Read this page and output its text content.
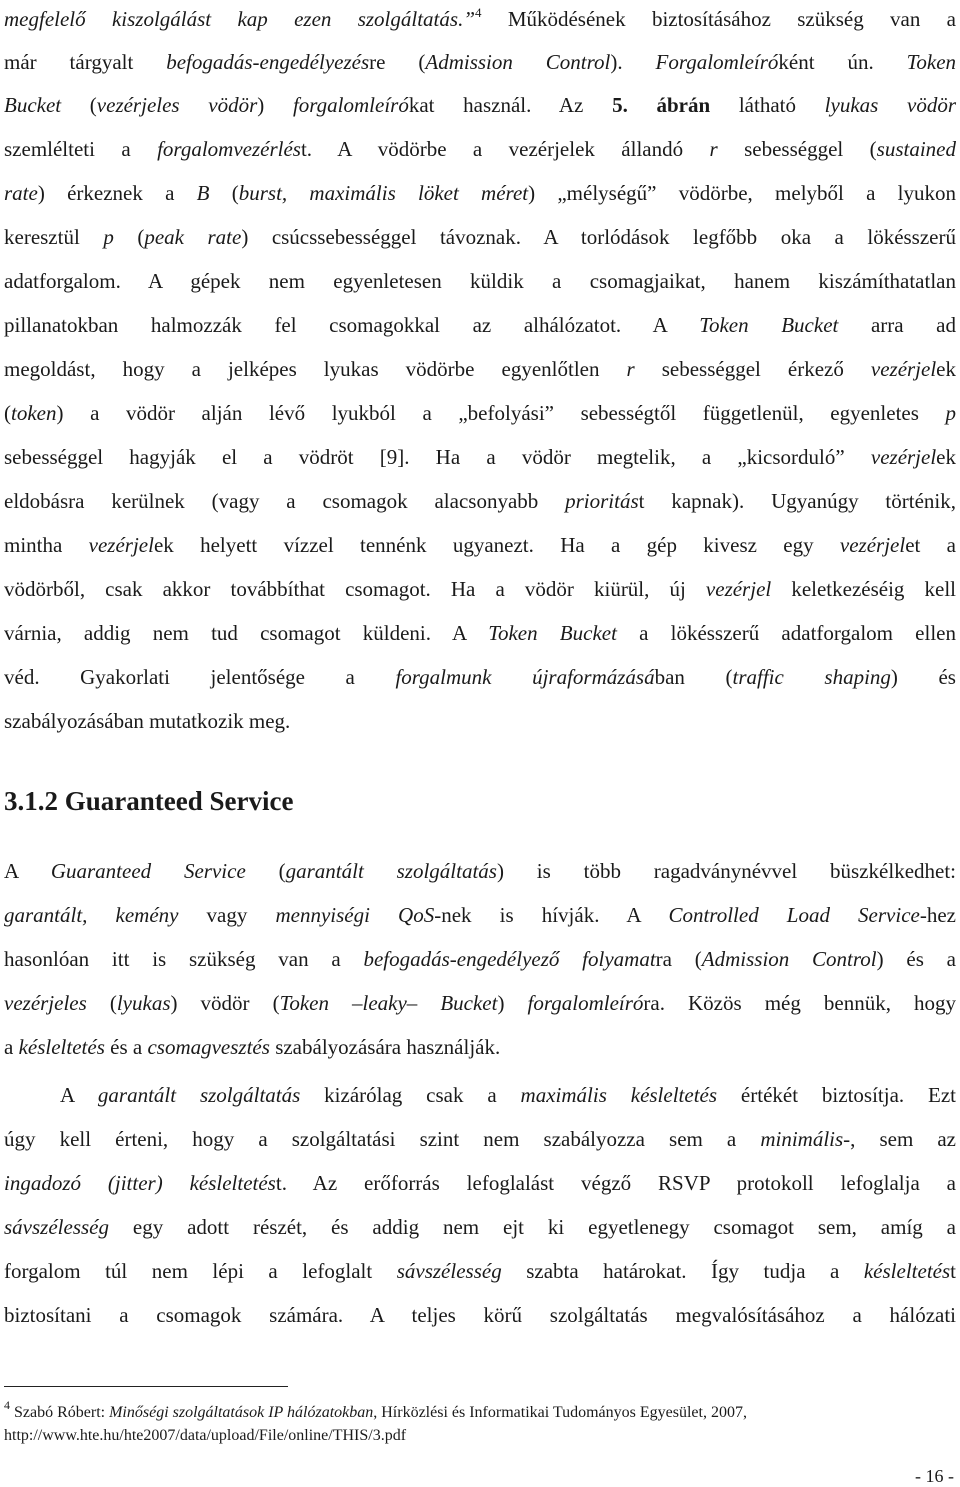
megfelelő kiszolgálást kap ezen szolgáltatás.”$^4$ Működésének biztosításához szükség van a
már tárgyalt befogadás-engedélyezésre (Admission Control). Forgalomleíróként ún. Token
Bucket (vezérjeles vödör) forgalomleírókat használ. Az 5. ábrán látható lyukas vödör
szemlélteti a forgalomvezérlést. A vödörbe a vezérjelek állandó r sebességgel (sustained
rate) érkeznek a B (burst, maximális löket méret) „mélységű” vödörbe, melyből a lyukon
keresztül p (peak rate) csúcssebességgel távoznak. A torlódások legfőbb oka a lökésszerű
adatforgalom. A gépek nem egyenletesen küldik a csomagjaikat, hanem kiszámíthatatlan
pillanatokban halmozzák fel csomagokkal az alhálózatot. A Token Bucket arra ad
megoldást, hogy a jelképes lyukas vödörbe egyenlőtlen r sebességgel érkező vezérjelek
(token) a vödör alján lévő lyukból a „befolyási” sebességtől függetlenül, egyenletes p
sebességgel hagyják el a vödröt [9]. Ha a vödör megtelik, a „kicsorduló” vezérjelek
eldobásra kerülnek (vagy a csomagok alacsonyabb prioritást kapnak). Ugyanúgy történik,
mintha vezérjelek helyett vízzel tennénk ugyanezt. Ha a gép kivesz egy vezérjelet a
vödörből, csak akkor továbbíthat csomagot. Ha a vödör kiürül, új vezérjel keletkezéséig kell
várnia, addig nem tud csomagot küldeni. A Token Bucket a lökésszerű adatforgalom ellen
véd. Gyakorlati jelentősége a forgalmunk újraformázásában (traffic shaping) és
szabályozásában mutatkozik meg.
3.1.2 Guaranteed Service
A Guaranteed Service (garantált szolgáltatás) is több ragadványnévvel büszkélkedhet:
garantált, kemény vagy mennyiségi QoS-nek is hívják. A Controlled Load Service-hez
hasonlóan itt is szükség van a befogadás-engedélyező folyamatra (Admission Control) és a
vezérjeles (lyukas) vödör (Token –leaky– Bucket) forgalomleíróra. Közös még bennük, hogy
a késleltetés és a csomagvesztés szabályozására használják.
A garantált szolgáltatás kizárólag csak a maximális késleltetés értékét biztosítja. Ezt
úgy kell érteni, hogy a szolgáltatási szint nem szabályozza sem a minimális-, sem az
ingadozó (jitter) késleltetést. Az erőforrás lefoglalást végző RSVP protokoll lefoglalja a
sávszélesség egy adott részét, és addig nem ejt ki egyetlenegy csomagot sem, amíg a
forgalom túl nem lépi a lefoglalt sávszélesség szabta határokat. Így tudja a késleltetést
biztosítani a csomagok számára. A teljes körű szolgáltatás megvalósításához a hálózati
$^4$ Szabó Róbert: Minőségi szolgáltatások IP hálózatokban, Hírközlési és Informatikai Tudományos Egyesület, 2007,
http://www.hte.hu/hte2007/data/upload/File/online/THIS/3.pdf
- 16 -
